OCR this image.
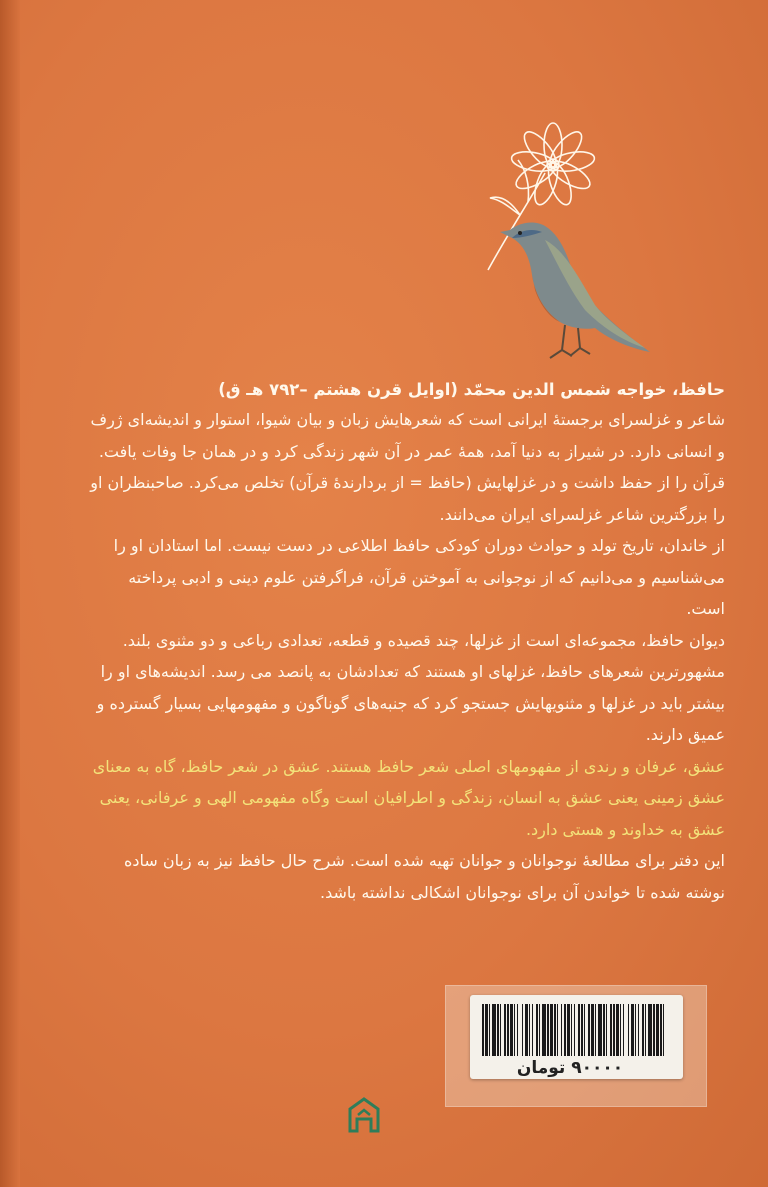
حافظ، خواجه شمس الدین محمّد (اوایل قرن هشتم –۷۹۲ هـ ق)

شاعر و غزلسرای برجستهٔ ایرانی است که شعرهایش زبان و بیان شیوا، استوار و اندیشه‌ای ژرف و انسانی دارد. در شیراز به دنیا آمد، همهٔ عمر در آن شهر زندگی کرد و در همان جا وفات یافت. قرآن را از حفظ داشت و در غزلهایش (حافظ = از بردارندهٔ قرآن) تخلص می‌کرد. صاحبنظران او را بزرگترین شاعر غزلسرای ایران می‌دانند.

از خاندان، تاریخ تولد و حوادث دوران کودکی حافظ اطلاعی در دست نیست. اما استادان او را می‌شناسیم و می‌دانیم که از نوجوانی به آموختن قرآن، فراگرفتن علوم دینی و ادبی پرداخته است.

دیوان حافظ، مجموعه‌ای است از غزلها، چند قصیده و قطعه، تعدادی رباعی و دو مثنوی بلند. مشهورترین شعرهای حافظ، غزلهای او هستند که تعدادشان به پانصد می رسد. اندیشه‌های او را بیشتر باید در غزلها و مثنویهایش جستجو کرد که جنبه‌های گوناگون و مفهومهایی بسیار گسترده و عمیق دارند.

عشق، عرفان و رندی از مفهومهای اصلی شعر حافظ هستند. عشق در شعر حافظ، گاه به معنای عشق زمینی یعنی عشق به انسان، زندگی و اطرافیان است وگاه مفهومی الهی و عرفانی، یعنی عشق به خداوند و هستی دارد.

این دفتر برای مطالعهٔ نوجوانان و جوانان تهیه شده است. شرح حال حافظ نیز به زبان ساده نوشته شده تا خواندن آن برای نوجوانان اشکالی نداشته باشد.

۹۰۰۰۰ تومان
